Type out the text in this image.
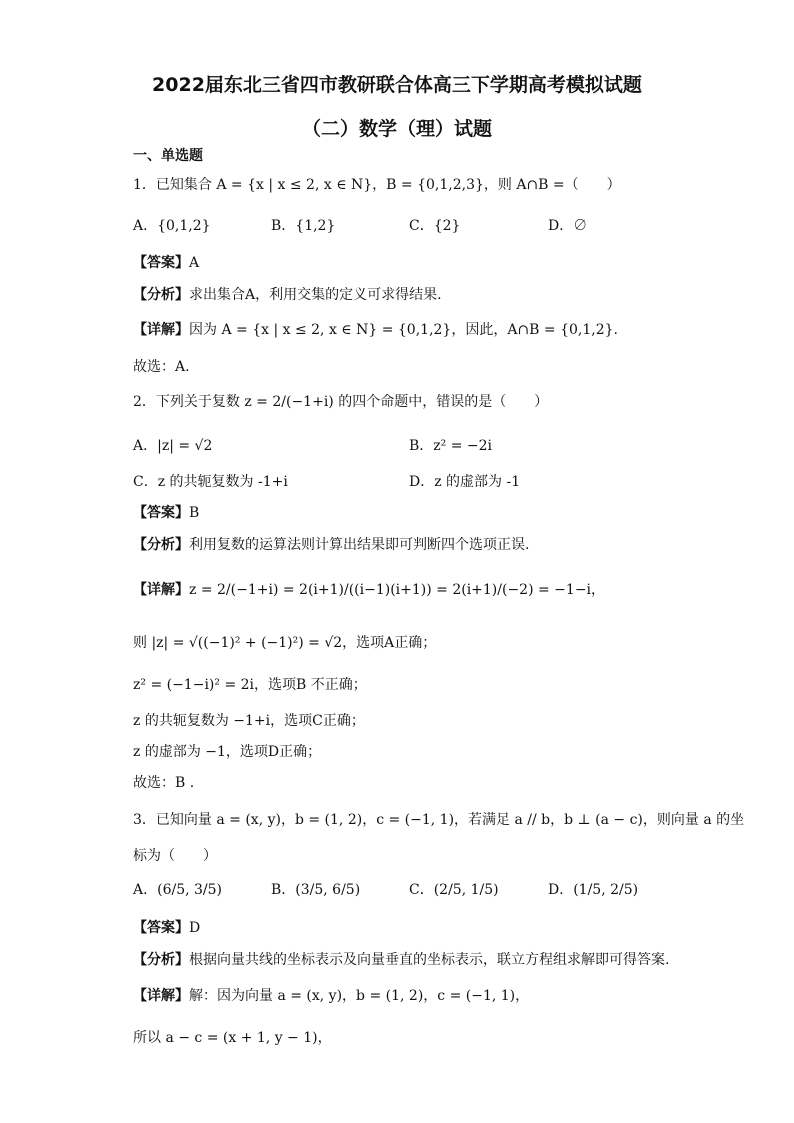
2022届东北三省四市教研联合体高三下学期高考模拟试题
（二）数学（理）试题
一、单选题
1．已知集合 A = {x | x ≤ 2, x ∈ N}，B = {0,1,2,3}，则 A∩B =（　　）
A．{0,1,2}	B．{1,2}	C．{2}	D．∅
【答案】A
【分析】求出集合A，利用交集的定义可求得结果.
【详解】因为 A = {x | x ≤ 2, x ∈ N} = {0,1,2}，因此，A∩B = {0,1,2}.
故选：A.
2．下列关于复数 z = 2/(−1+i) 的四个命题中，错误的是（　　）
A．|z| = √2	B．z² = −2i
C．z 的共轭复数为 -1+i	D．z 的虚部为 -1
【答案】B
【分析】利用复数的运算法则计算出结果即可判断四个选项正误.
【详解】z = 2/(−1+i) = 2(i+1)/((i−1)(i+1)) = 2(i+1)/(−2) = −1−i，
则 |z| = √((−1)² + (−1)²) = √2，选项A正确；
z² = (−1−i)² = 2i，选项B 不正确；
z 的共轭复数为 −1+i，选项C正确；
z 的虚部为 −1，选项D正确；
故选：B .
3．已知向量 a = (x, y)，b = (1, 2)，c = (−1, 1)，若满足 a // b，b ⊥ (a − c)，则向量 a 的坐
标为（　　）
A．(6/5, 3/5)	B．(3/5, 6/5)	C．(2/5, 1/5)	D．(1/5, 2/5)
【答案】D
【分析】根据向量共线的坐标表示及向量垂直的坐标表示，联立方程组求解即可得答案.
【详解】解：因为向量 a = (x, y)，b = (1, 2)，c = (−1, 1)，
所以 a − c = (x + 1, y − 1)，
